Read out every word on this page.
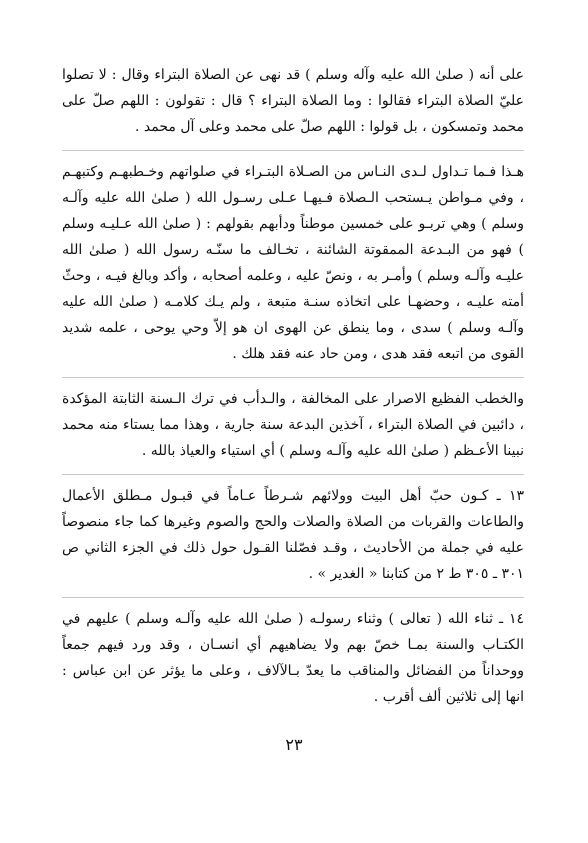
على أنه ( صلىٰ الله عليه وآله وسلم ) قد نهى عن الصلاة البتراء وقال : لا تصلوا عليّ الصلاة البتراء فقالوا : وما الصلاة البتراء ؟ قال : تقولون : اللهم صلّ على محمد وتمسكون ، بل قولوا : اللهم صلّ على محمد وعلى آل محمد .

هـذا فـما تـداول لـدى النـاس من الصـلاة البتـراء في صلواتهم وخـطبهـم وكتبهـم ، وفي مـواطن يـستحب الـصلاة فـيهـا عـلى رسـول الله ( صلىٰ الله عليه وآلـه وسلم ) وهي تربـو على خمسين موطناً ودأبهم بقولهم : ( صلىٰ الله عـليـه وسلم ) فهو من البـدعة الممقوتة الشائنة ، تخـالف ما سنّـه رسول الله ( صلىٰ الله عليـه وآلـه وسلم ) وأمـر به ، ونصّ عليه ، وعلمه أصحابه ، وأكد وبالغ فيـه ، وحثّ أمته عليـه ، وحضهـا على اتخاذه سنـة متبعة ، ولم يـك كلامـه ( صلىٰ الله عليه وآلـه وسلم ) سدى ، وما ينطق عن الهوى ان هو إلاّ وحي يوحى ، علمه شديد القوى من اتبعه فقد هدى ، ومن حاد عنه فقد هلك .

والخطب الفظيع الاصرار على المخالفة ، والـدأب في ترك الـسنة الثابتة المؤكدة ، دائبين في الصلاة البتراء ، آخذين البدعة سنة جارية ، وهذا مما يستاء منه محمد نبينا الأعـظم ( صلىٰ الله عليه وآلـه وسلم ) أي استياء والعياذ بالله .

١٣ ـ كـون حبّ أهل البيت وولائهم شـرطاً عـاماً في قبـول مـطلق الأعمال والطاعات والقربات من الصلاة والصلات والحج والصوم وغيرها كما جاء منصوصاً عليه في جملة من الأحاديث ، وقـد فصّلنا القـول حول ذلك في الجزء الثاني ص ٣٠١ ـ ٣٠٥ ط ٢ من كتابنا « الغدير » .

١٤ ـ ثناء الله ( تعالى ) وثناء رسولـه ( صلىٰ الله عليه وآلـه وسلم ) عليهم في الكتـاب والسنة بمـا خصّ بهم ولا يضاهيهم أي انسـان ، وقد ورد فيهم جمعاً ووحداناً من الفضائل والمناقب ما يعدّ بـالآلاف ، وعلى ما يؤثر عن ابن عباس : انها إلى ثلاثين ألف أقرب .

٢٣
